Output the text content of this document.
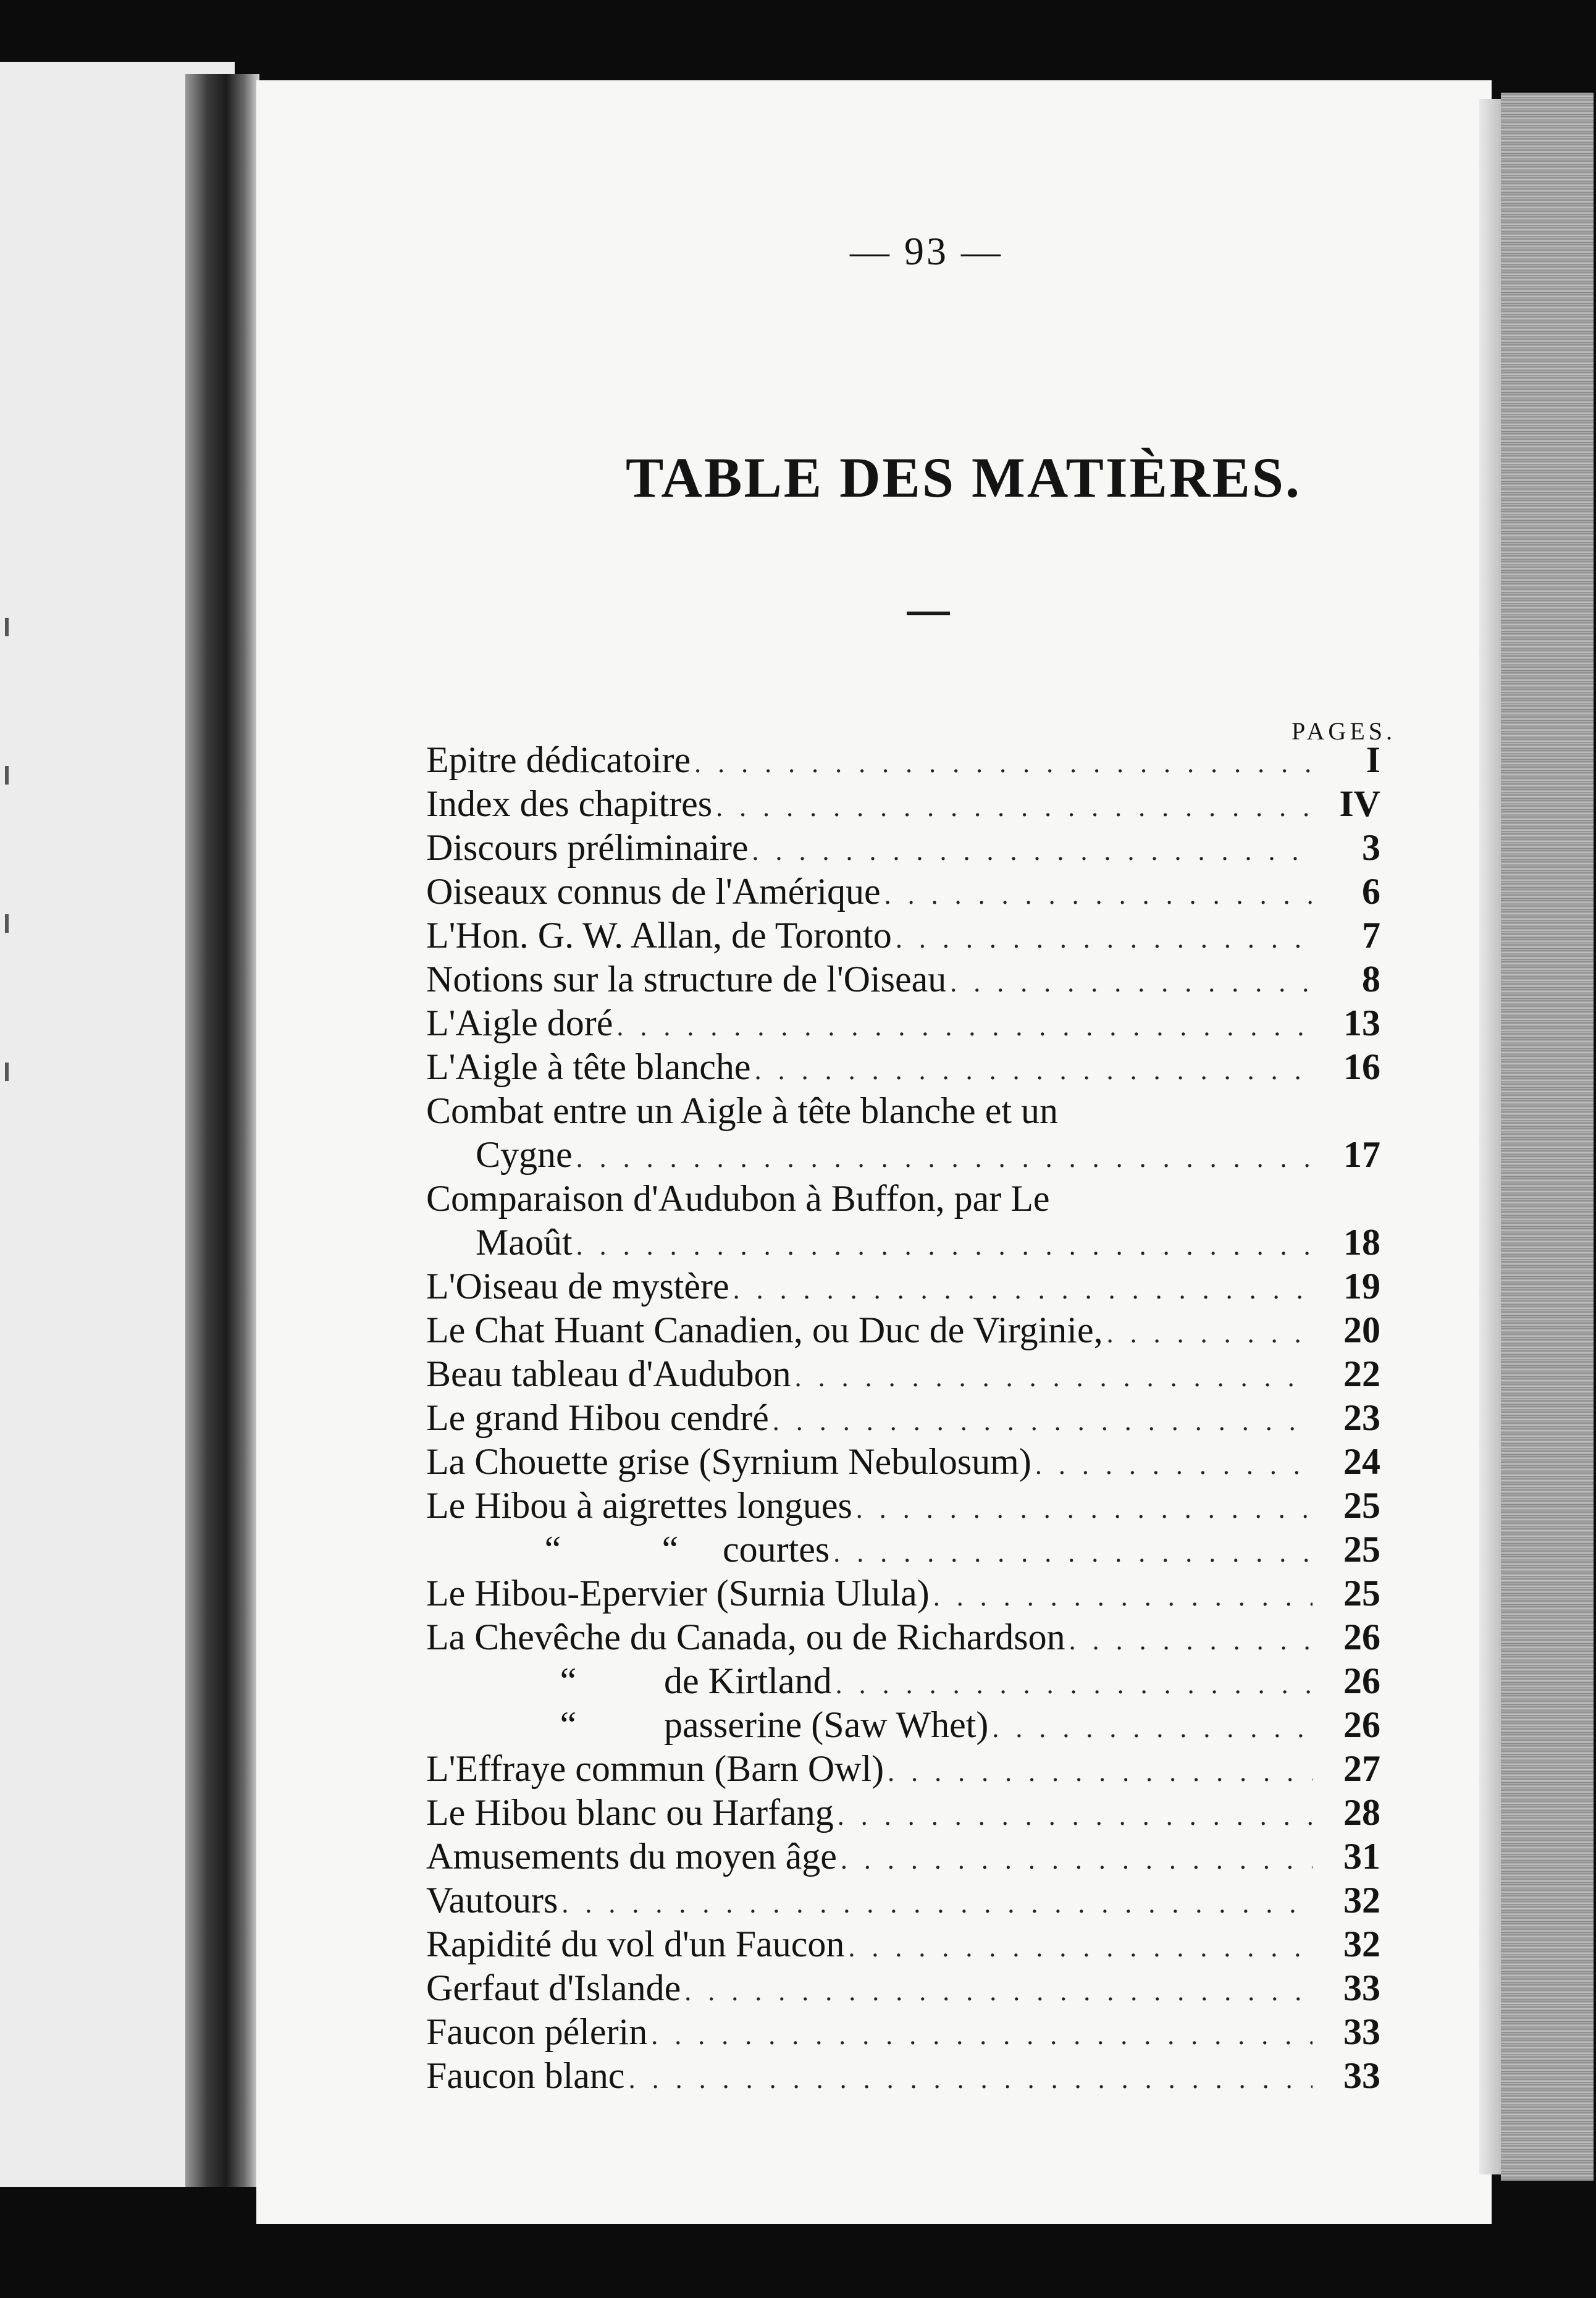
— 93 —
TABLE DES MATIÈRES.
PAGES.
Epitre dédicatoire . . .	I
Index des chapitres . . .	IV
Discours préliminaire . . .	3
Oiseaux connus de l'Amérique . . .	6
L'Hon. G. W. Allan, de Toronto . . .	7
Notions sur la structure de l'Oiseau . . .	8
L'Aigle doré . . .	13
L'Aigle à tête blanche . . .	16
Combat entre un Aigle à tête blanche et un
Cygne . . .	17
Comparaison d'Audubon à Buffon, par Le
Maoût . . .	18
L'Oiseau de mystère . . .	19
Le Chat Huant Canadien, ou Duc de Virginie, . . .	20
Beau tableau d'Audubon . . .	22
Le grand Hibou cendré . . .	23
La Chouette grise (Syrnium Nebulosum) . . .	24
Le Hibou à aigrettes longues . . .	25
“	“ courtes . . .	25
Le Hibou-Epervier (Surnia Ulula) . . .	25
La Chevêche du Canada, ou de Richardson . . .	26
“ de Kirtland . . .	26
“ passerine (Saw Whet) . . .	26
L'Effraye commun (Barn Owl) . . .	27
Le Hibou blanc ou Harfang . . .	28
Amusements du moyen âge . . .	31
Vautours . . .	32
Rapidité du vol d'un Faucon . . .	32
Gerfaut d'Islande . . .	33
Faucon pélerin . . .	33
Faucon blanc . . .	33
